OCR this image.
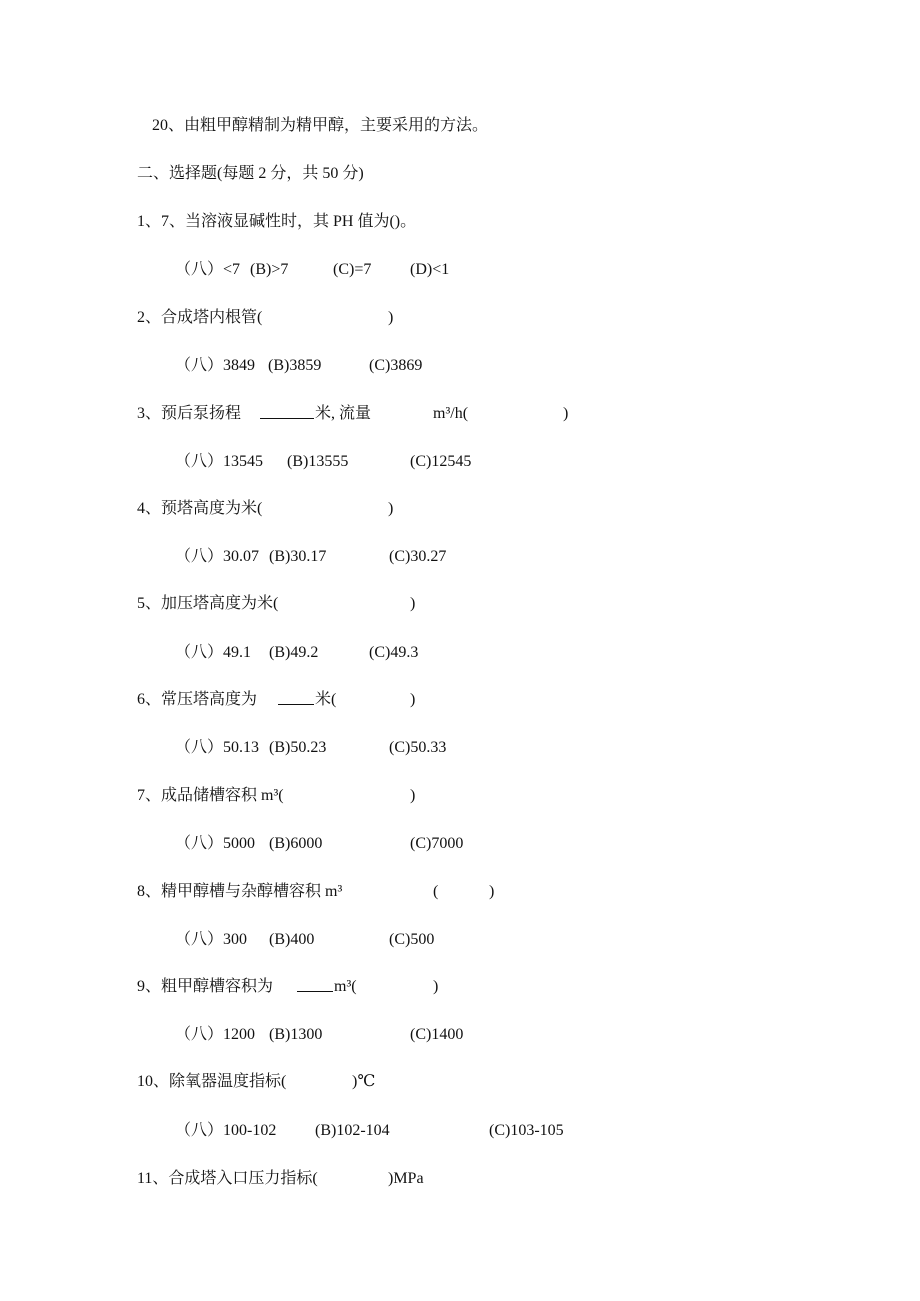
20、由粗甲醇精制为精甲醇，主要采用的方法。
二、选择题(每题 2 分，共 50 分)
1、7、当溶液显碱性时，其 PH 值为()。
（八）<7 (B)>7	(C)=7 (D)<1
2、合成塔内根管(	)
（八）3849 (B)3859	(C)3869
3、预后泵扬程	米, 流量	m³/h(	)
（八）13545 (B)13555	(C)12545
4、预塔高度为米(	)
（八）30.07 (B)30.17	(C)30.27
5、加压塔高度为米(	)
（八）49.1 (B)49.2	(C)49.3
6、常压塔高度为	米(	)
（八）50.13 (B)50.23	(C)50.33
7、成品储槽容积 m³(	)
（八）5000 (B)6000	(C)7000
8、精甲醇槽与杂醇槽容积 m³	(	)
（八）300 (B)400	(C)500
9、粗甲醇槽容积为	m³(	)
（八）1200 (B)1300	(C)1400
10、除氧器温度指标(	)℃
（八）100-102 (B)102-104	(C)103-105
11、合成塔入口压力指标(	)MPa
